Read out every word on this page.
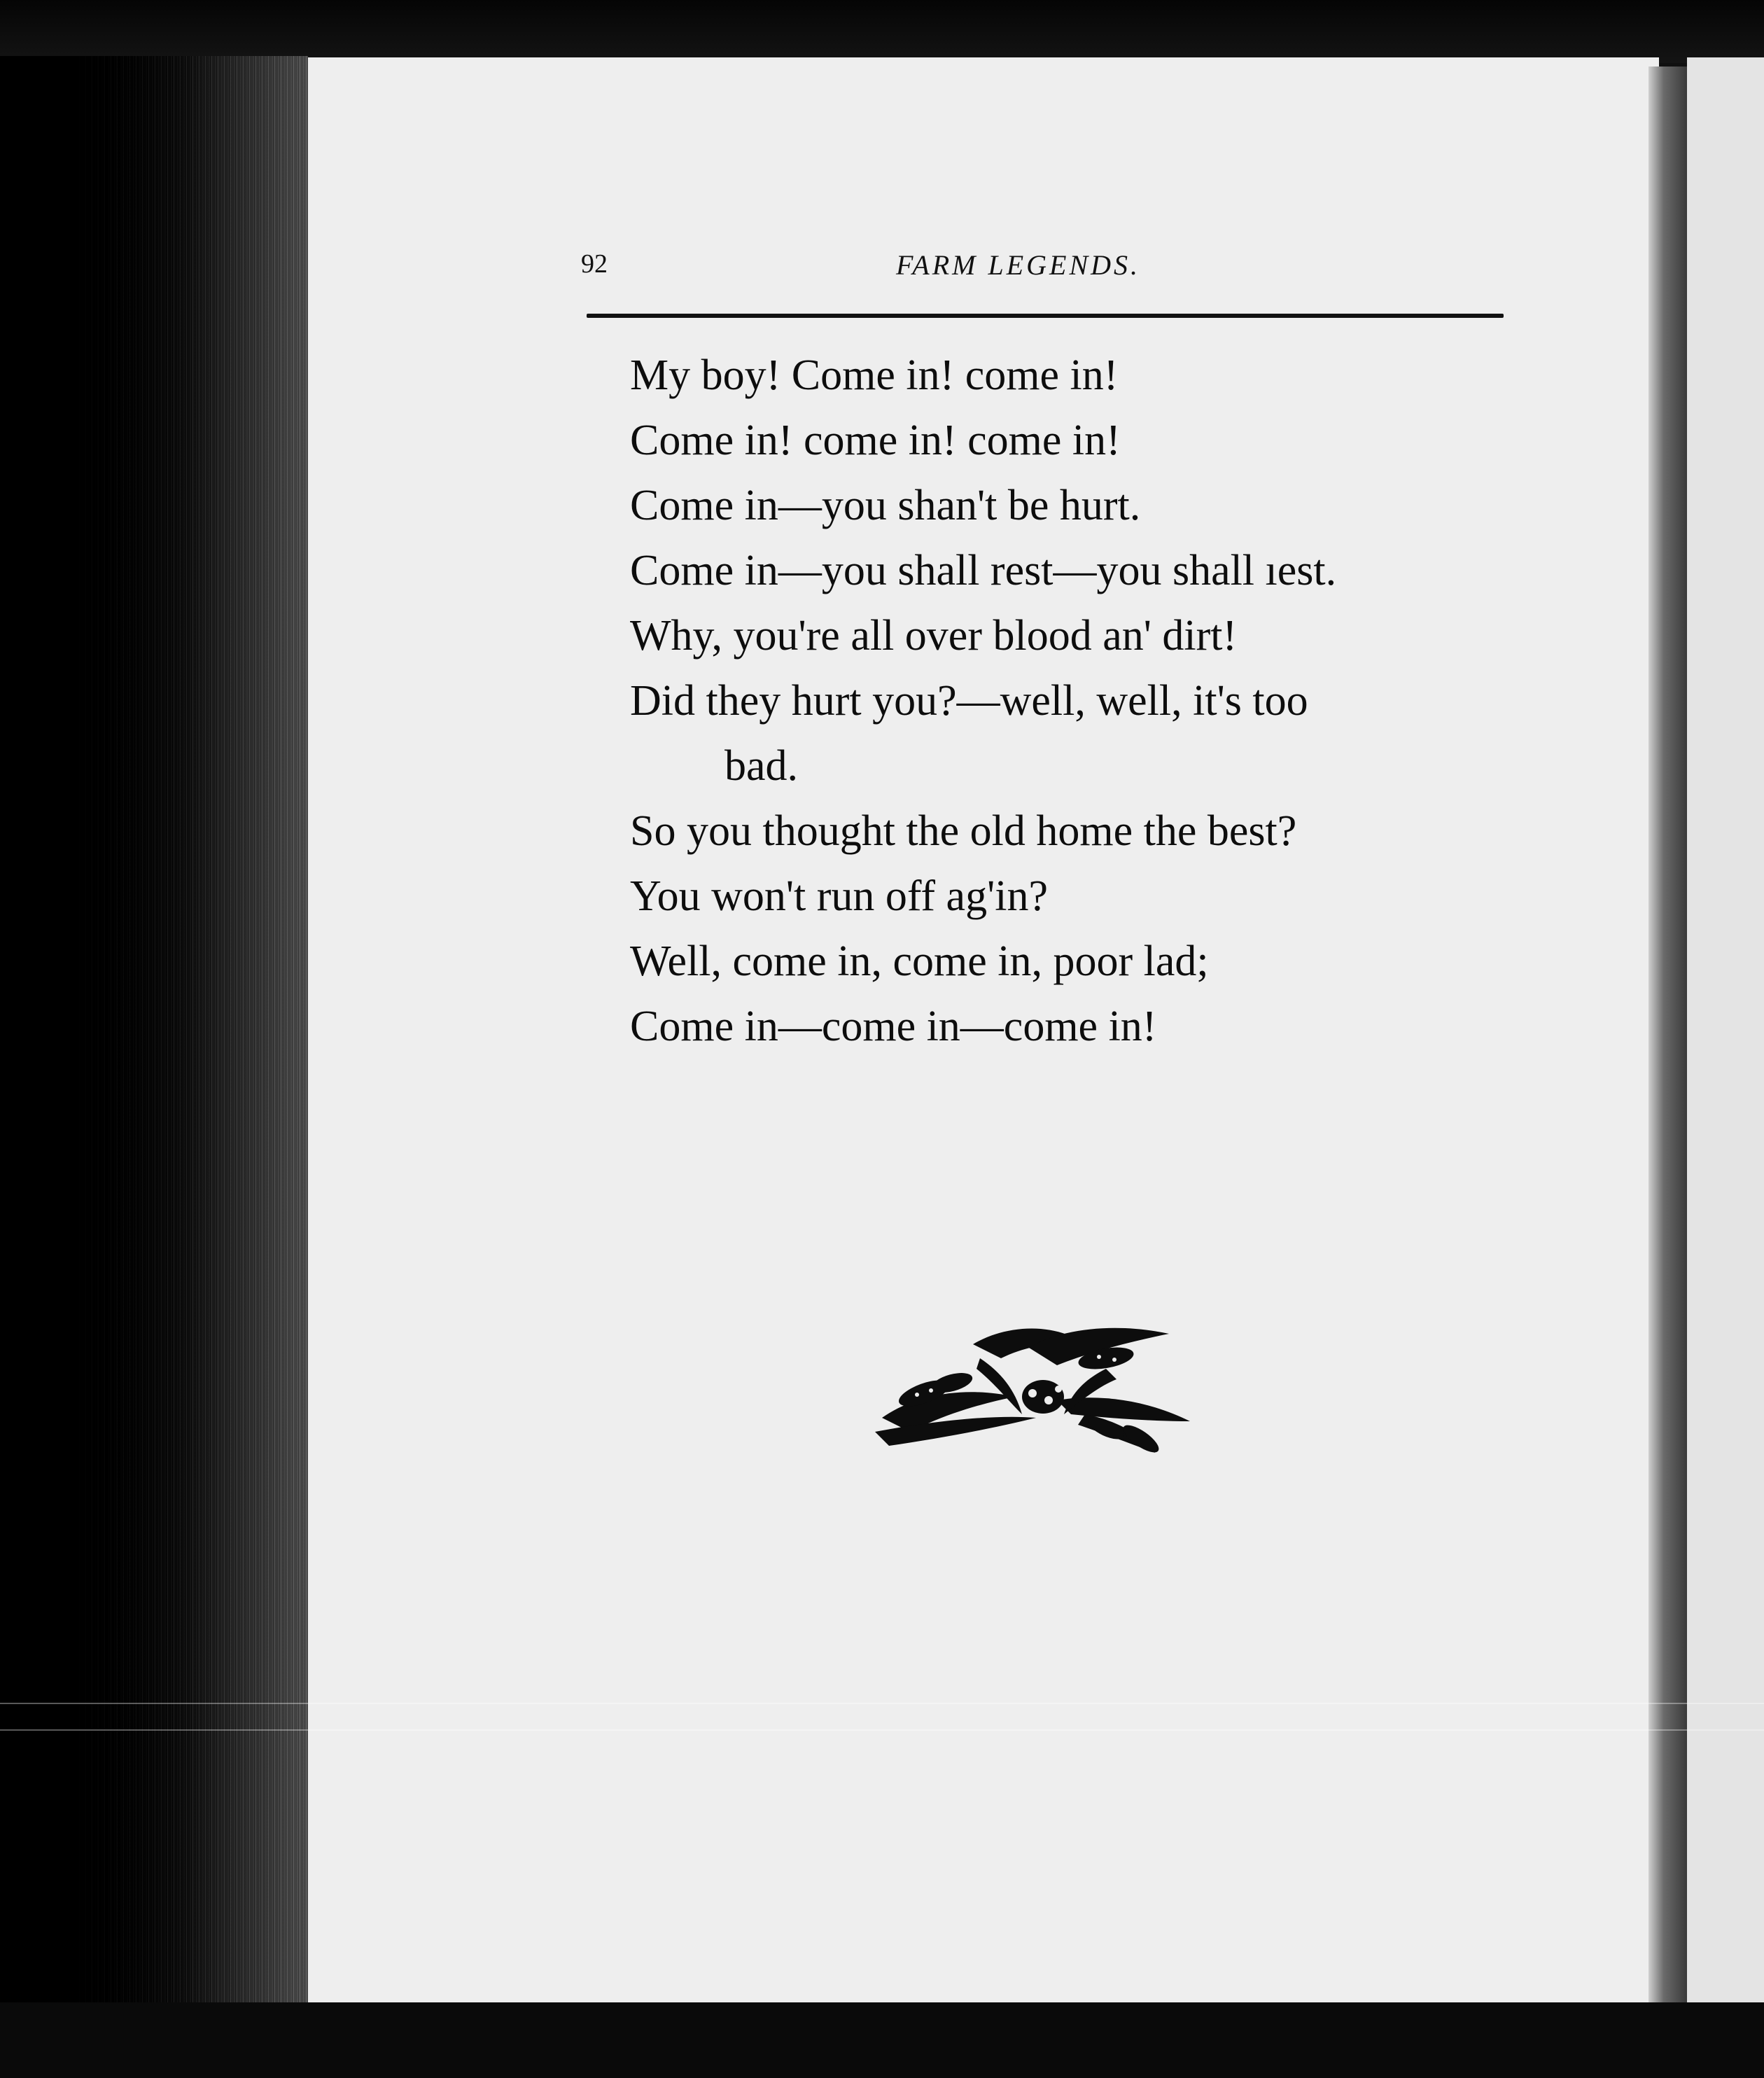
92	FARM LEGENDS.
My boy! Come in! come in!
Come in! come in! come in!
Come in—you shan't be hurt.
Come in—you shall rest—you shall ıest.
Why, you're all over blood an' dirt!
Did they hurt you?—well, well, it's too
bad.
So you thought the old home the best?
You won't run off ag'in?
Well, come in, come in, poor lad;
Come in—come in—come in!
